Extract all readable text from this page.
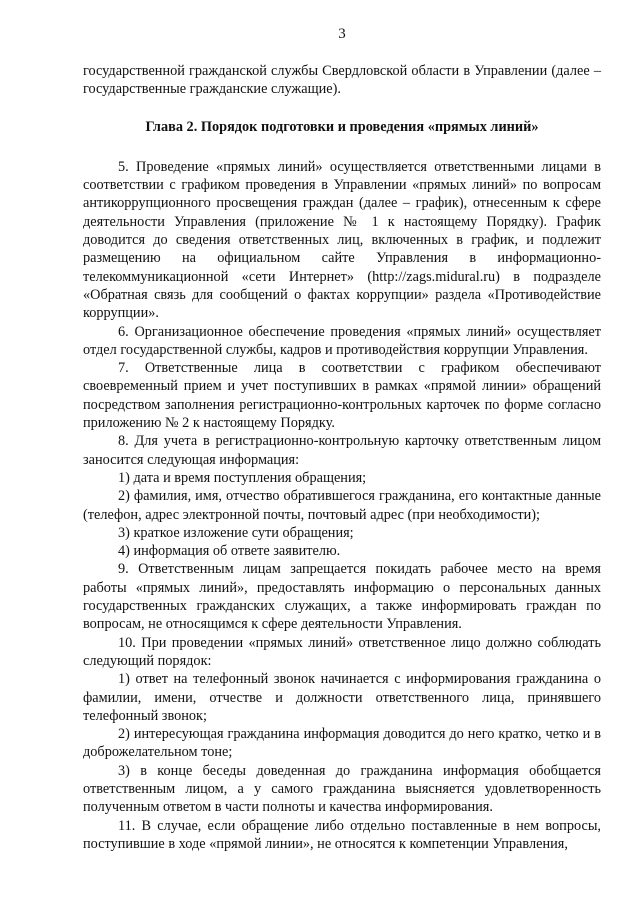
3

государственной гражданской службы Свердловской области в Управлении (далее – государственные гражданские служащие).

Глава 2. Порядок подготовки и проведения «прямых линий»

5. Проведение «прямых линий» осуществляется ответственными лицами в соответствии с графиком проведения в Управлении «прямых линий» по вопросам антикоррупционного просвещения граждан (далее – график), отнесенным к сфере деятельности Управления (приложение № 1 к настоящему Порядку). График доводится до сведения ответственных лиц, включенных в график, и подлежит размещению на официальном сайте Управления в информационно-телекоммуникационной «сети Интернет» (http://zags.midural.ru) в подразделе «Обратная связь для сообщений о фактах коррупции» раздела «Противодействие коррупции».

6. Организационное обеспечение проведения «прямых линий» осуществляет отдел государственной службы, кадров и противодействия коррупции Управления.

7. Ответственные лица в соответствии с графиком обеспечивают своевременный прием и учет поступивших в рамках «прямой линии» обращений посредством заполнения регистрационно-контрольных карточек по форме согласно приложению № 2 к настоящему Порядку.

8. Для учета в регистрационно-контрольную карточку ответственным лицом заносится следующая информация:

1) дата и время поступления обращения;

2) фамилия, имя, отчество обратившегося гражданина, его контактные данные (телефон, адрес электронной почты, почтовый адрес (при необходимости);

3) краткое изложение сути обращения;

4) информация об ответе заявителю.

9. Ответственным лицам запрещается покидать рабочее место на время работы «прямых линий», предоставлять информацию о персональных данных государственных гражданских служащих, а также информировать граждан по вопросам, не относящимся к сфере деятельности Управления.

10. При проведении «прямых линий» ответственное лицо должно соблюдать следующий порядок:

1) ответ на телефонный звонок начинается с информирования гражданина о фамилии, имени, отчестве и должности ответственного лица, принявшего телефонный звонок;

2) интересующая гражданина информация доводится до него кратко, четко и в доброжелательном тоне;

3) в конце беседы доведенная до гражданина информация обобщается ответственным лицом, а у самого гражданина выясняется удовлетворенность полученным ответом в части полноты и качества информирования.

11. В случае, если обращение либо отдельно поставленные в нем вопросы, поступившие в ходе «прямой линии», не относятся к компетенции Управления,
